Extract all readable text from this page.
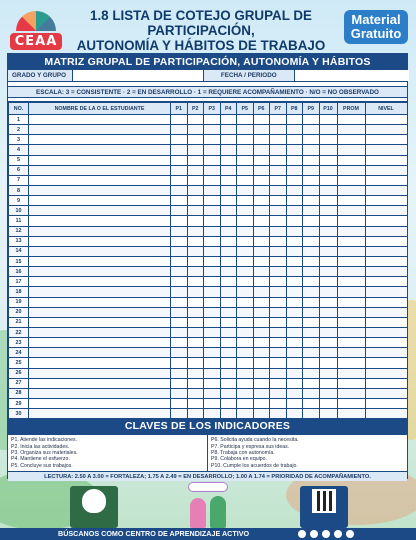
CEAA
1.8 LISTA DE COTEJO GRUPAL DE PARTICIPACIÓN,
AUTONOMÍA Y HÁBITOS DE TRABAJO
Material
Gratuito
MATRIZ GRUPAL DE PARTICIPACIÓN, AUTONOMÍA Y HÁBITOS
GRADO Y GRUPO	FECHA / PERIODO
ESCALA: 3 = CONSISTENTE · 2 = EN DESARROLLO · 1 = REQUIERE ACOMPAÑAMIENTO · N/O = NO OBSERVADO
NO.	NOMBRE DE LA O EL ESTUDIANTE	P1	P2	P3	P4	P5	P6	P7	P8	P9	P10	PROM	NIVEL
1													
2													
3													
4													
5													
6													
7													
8													
9													
10													
11													
12													
13													
14													
15													
16													
17													
18													
19													
20													
21													
22													
23													
24													
25													
26													
27													
28													
29													
30													
CLAVES DE LOS INDICADORES
P1. Atiende las indicaciones.
P2. Inicia las actividades.
P3. Organiza sus materiales.
P4. Mantiene el esfuerzo.
P5. Concluye sus trabajos.
P6. Solicita ayuda cuando la necesita.
P7. Participa y expresa sus ideas.
P8. Trabaja con autonomía.
P9. Colabora en equipo.
P10. Cumple los acuerdos de trabajo.
LECTURA: 2.50 A 3.00 = FORTALEZA; 1.75 A 2.49 = EN DESARROLLO; 1.00 A 1.74 = PRIORIDAD DE ACOMPAÑAMIENTO.
BÚSCANOS COMO CENTRO DE APRENDIZAJE ACTIVO
